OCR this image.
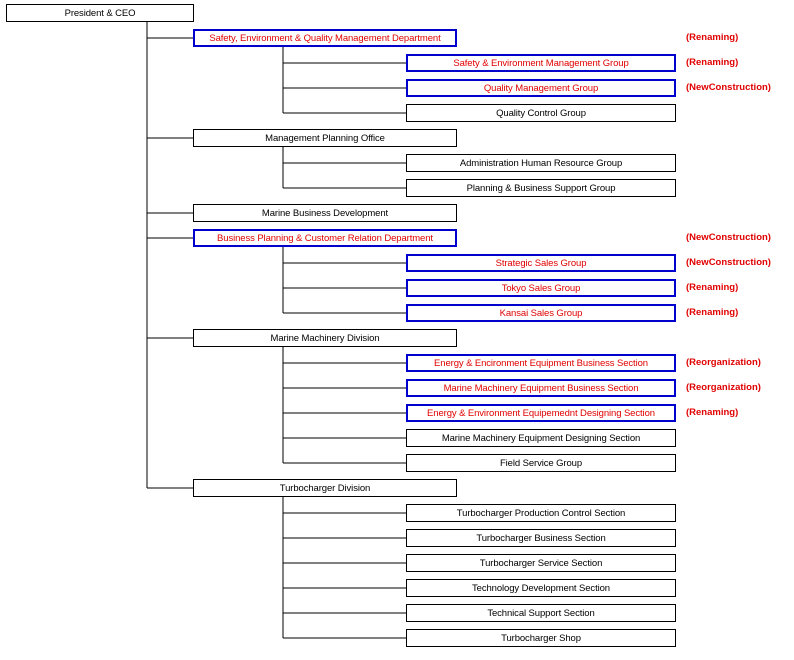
President & CEO
Safety, Environment & Quality Management Department	(Renaming)
Safety & Environment Management Group	(Renaming)
Quality Management Group	(NewConstruction)
Quality Control Group
Management Planning Office
Administration Human Resource Group
Planning & Business Support Group
Marine Business Development
Business Planning & Customer Relation Department	(NewConstruction)
Strategic Sales Group	(NewConstruction)
Tokyo Sales Group	(Renaming)
Kansai Sales Group	(Renaming)
Marine Machinery Division
Energy & Encironment Equipment Business Section	(Reorganization)
Marine Machinery Equipment Business Section	(Reorganization)
Energy & Environment Equipemednt Designing Section	(Renaming)
Marine Machinery Equipment Designing Section
Field Service Group
Turbocharger Division
Turbocharger Production Control Section
Turbocharger Business Section
Turbocharger Service Section
Technology Development Section
Technical Support Section
Turbocharger Shop
